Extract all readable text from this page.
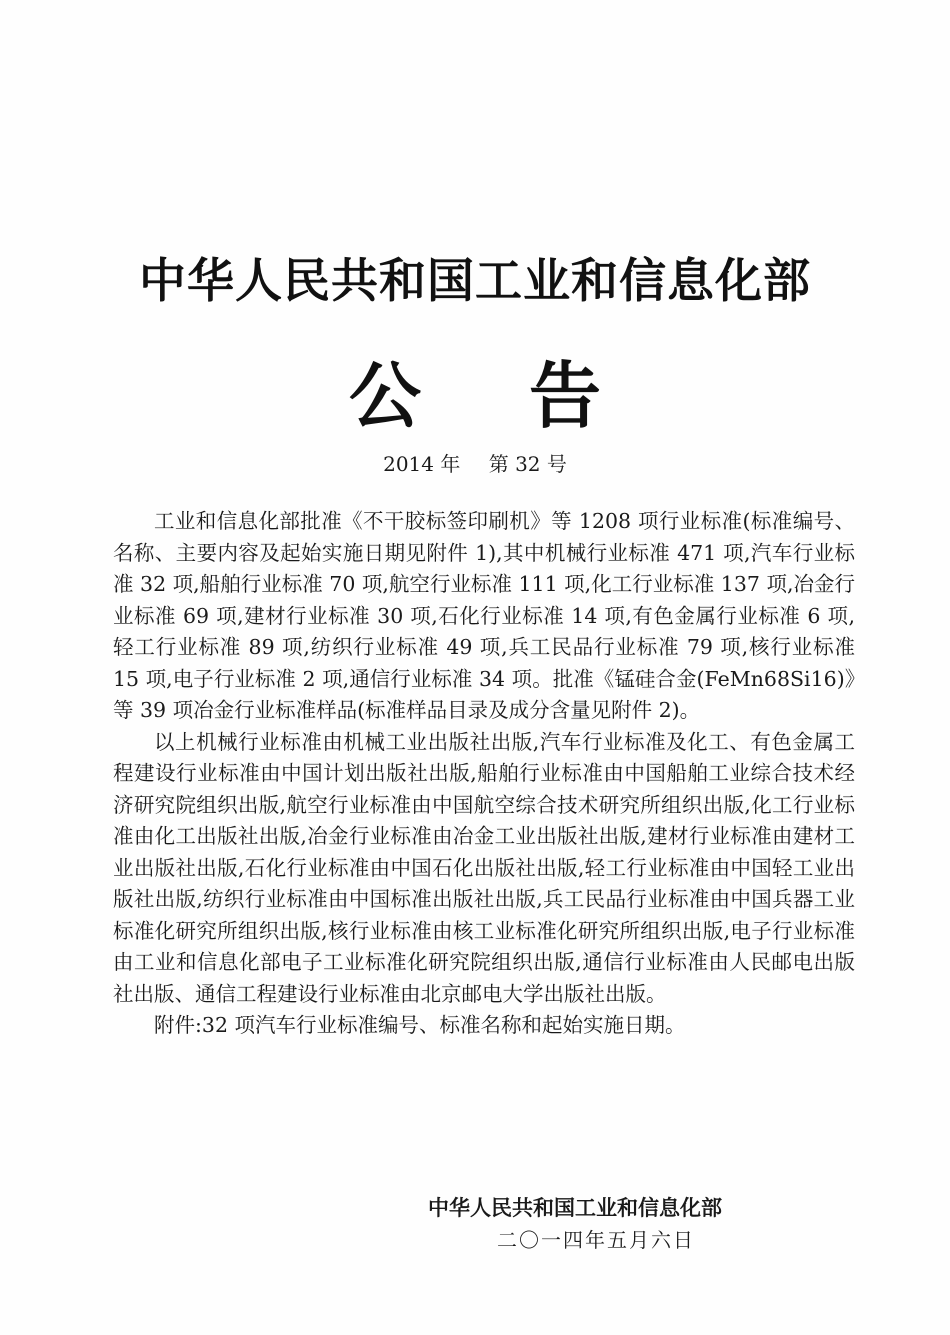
中华人民共和国工业和信息化部
公告
2014 年 第 32 号

工业和信息化部批准《不干胶标签印刷机》等 1208 项行业标准(标准编号、名称、主要内容及起始实施日期见附件 1),其中机械行业标准 471 项,汽车行业标准 32 项,船舶行业标准 70 项,航空行业标准 111 项,化工行业标准 137 项,冶金行业标准 69 项,建材行业标准 30 项,石化行业标准 14 项,有色金属行业标准 6 项,轻工行业标准 89 项,纺织行业标准 49 项,兵工民品行业标准 79 项,核行业标准 15 项,电子行业标准 2 项,通信行业标准 34 项。批准《锰硅合金(FeMn68Si16)》等 39 项冶金行业标准样品(标准样品目录及成分含量见附件 2)。

以上机械行业标准由机械工业出版社出版,汽车行业标准及化工、有色金属工程建设行业标准由中国计划出版社出版,船舶行业标准由中国船舶工业综合技术经济研究院组织出版,航空行业标准由中国航空综合技术研究所组织出版,化工行业标准由化工出版社出版,冶金行业标准由冶金工业出版社出版,建材行业标准由建材工业出版社出版,石化行业标准由中国石化出版社出版,轻工行业标准由中国轻工业出版社出版,纺织行业标准由中国标准出版社出版,兵工民品行业标准由中国兵器工业标准化研究所组织出版,核行业标准由核工业标准化研究所组织出版,电子行业标准由工业和信息化部电子工业标准化研究院组织出版,通信行业标准由人民邮电出版社出版、通信工程建设行业标准由北京邮电大学出版社出版。

附件:32 项汽车行业标准编号、标准名称和起始实施日期。

中华人民共和国工业和信息化部
二〇一四年五月六日
